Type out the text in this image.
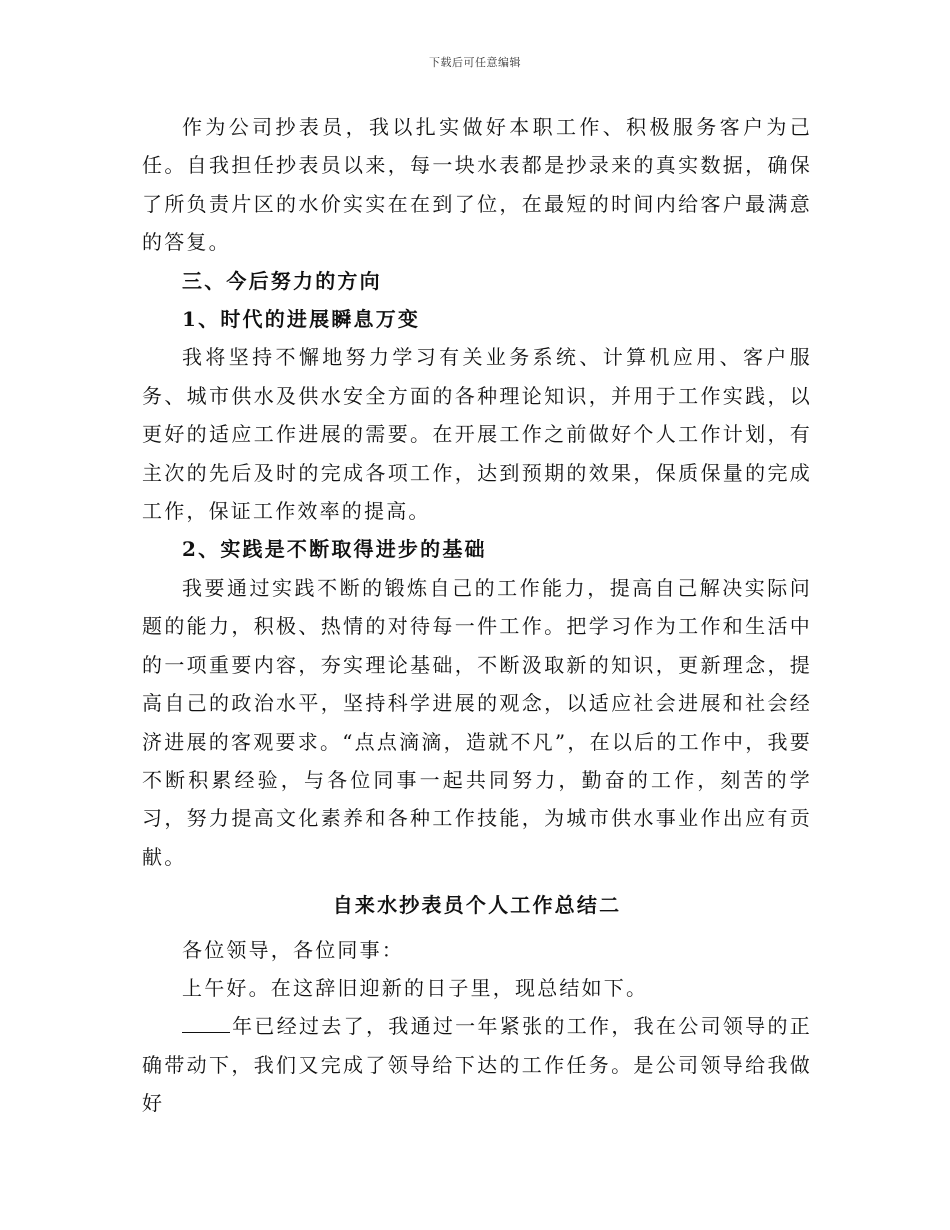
下载后可任意编辑

作为公司抄表员，我以扎实做好本职工作、积极服务客户为己任。自我担任抄表员以来，每一块水表都是抄录来的真实数据，确保了所负责片区的水价实实在在到了位，在最短的时间内给客户最满意的答复。

三、今后努力的方向

1、时代的进展瞬息万变

我将坚持不懈地努力学习有关业务系统、计算机应用、客户服务、城市供水及供水安全方面的各种理论知识，并用于工作实践，以更好的适应工作进展的需要。在开展工作之前做好个人工作计划，有主次的先后及时的完成各项工作，达到预期的效果，保质保量的完成工作，保证工作效率的提高。

2、实践是不断取得进步的基础

我要通过实践不断的锻炼自己的工作能力，提高自己解决实际问题的能力，积极、热情的对待每一件工作。把学习作为工作和生活中的一项重要内容，夯实理论基础，不断汲取新的知识，更新理念，提高自己的政治水平，坚持科学进展的观念，以适应社会进展和社会经济进展的客观要求。“点点滴滴，造就不凡”，在以后的工作中，我要不断积累经验，与各位同事一起共同努力，勤奋的工作，刻苦的学习，努力提高文化素养和各种工作技能，为城市供水事业作出应有贡献。

自来水抄表员个人工作总结二

各位领导，各位同事：

上午好。在这辞旧迎新的日子里，现总结如下。

年已经过去了，我通过一年紧张的工作，我在公司领导的正确带动下，我们又完成了领导给下达的工作任务。是公司领导给我做好
